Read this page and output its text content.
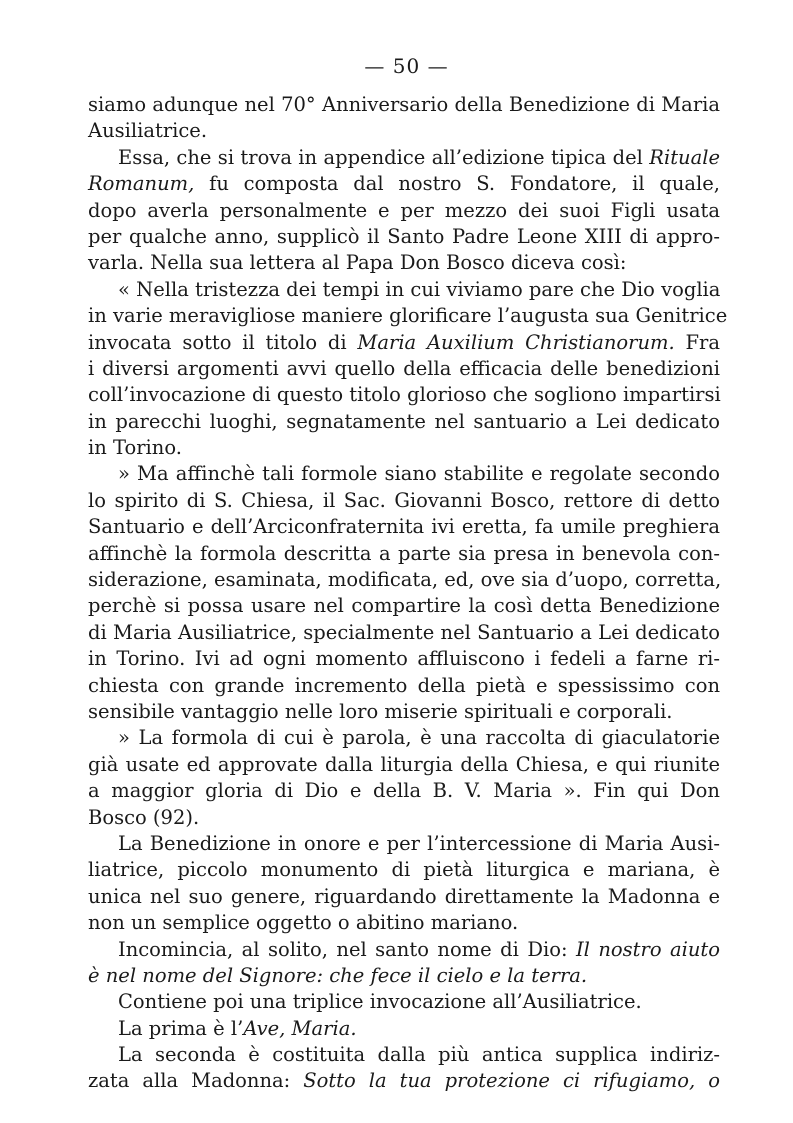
— 50 —
siamo adunque nel 70° Anniversario della Benedizione di Maria
Ausiliatrice.
Essa, che si trova in appendice all’edizione tipica del Rituale
Romanum, fu composta dal nostro S. Fondatore, il quale,
dopo averla personalmente e per mezzo dei suoi Figli usata
per qualche anno, supplicò il Santo Padre Leone XIII di appro-
varla. Nella sua lettera al Papa Don Bosco diceva così:
« Nella tristezza dei tempi in cui viviamo pare che Dio voglia
in varie meravigliose maniere glorificare l’augusta sua Genitrice
invocata sotto il titolo di Maria Auxilium Christianorum. Fra
i diversi argomenti avvi quello della efficacia delle benedizioni
coll’invocazione di questo titolo glorioso che sogliono impartirsi
in parecchi luoghi, segnatamente nel santuario a Lei dedicato
in Torino.
» Ma affinchè tali formole siano stabilite e regolate secondo
lo spirito di S. Chiesa, il Sac. Giovanni Bosco, rettore di detto
Santuario e dell’Arciconfraternita ivi eretta, fa umile preghiera
affinchè la formola descritta a parte sia presa in benevola con-
siderazione, esaminata, modificata, ed, ove sia d’uopo, corretta,
perchè si possa usare nel compartire la così detta Benedizione
di Maria Ausiliatrice, specialmente nel Santuario a Lei dedicato
in Torino. Ivi ad ogni momento affluiscono i fedeli a farne ri-
chiesta con grande incremento della pietà e spessissimo con
sensibile vantaggio nelle loro miserie spirituali e corporali.
» La formola di cui è parola, è una raccolta di giaculatorie
già usate ed approvate dalla liturgia della Chiesa, e qui riunite
a maggior gloria di Dio e della B. V. Maria ». Fin qui Don
Bosco (92).
La Benedizione in onore e per l’intercessione di Maria Ausi-
liatrice, piccolo monumento di pietà liturgica e mariana, è
unica nel suo genere, riguardando direttamente la Madonna e
non un semplice oggetto o abitino mariano.
Incomincia, al solito, nel santo nome di Dio: Il nostro aiuto
è nel nome del Signore: che fece il cielo e la terra.
Contiene poi una triplice invocazione all’Ausiliatrice.
La prima è l’Ave, Maria.
La seconda è costituita dalla più antica supplica indiriz-
zata alla Madonna: Sotto la tua protezione ci rifugiamo, o
